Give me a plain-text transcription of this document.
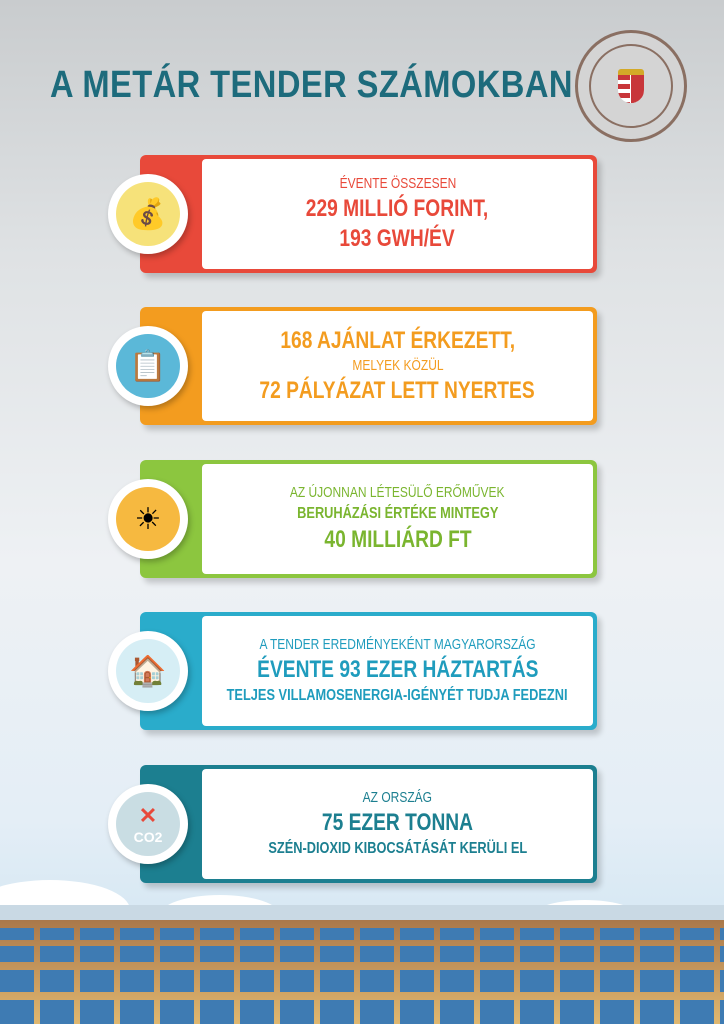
A METÁR TENDER SZÁMOKBAN
💰
ÉVENTE ÖSSZESEN
229 MILLIÓ FORINT,
193 GWH/ÉV
📋
168 AJÁNLAT ÉRKEZETT,
MELYEK KÖZÜL
72 PÁLYÁZAT LETT NYERTES
☀
AZ ÚJONNAN LÉTESÜLŐ ERŐMŰVEK
BERUHÁZÁSI ÉRTÉKE MINTEGY
40 MILLIÁRD FT
🏠
A TENDER EREDMÉNYEKÉNT MAGYARORSZÁG
ÉVENTE 93 EZER HÁZTARTÁS
TELJES VILLAMOSENERGIA-IGÉNYÉT TUDJA FEDEZNI
✕
CO2
AZ ORSZÁG
75 EZER TONNA
SZÉN-DIOXID KIBOCSÁTÁSÁT KERÜLI EL
